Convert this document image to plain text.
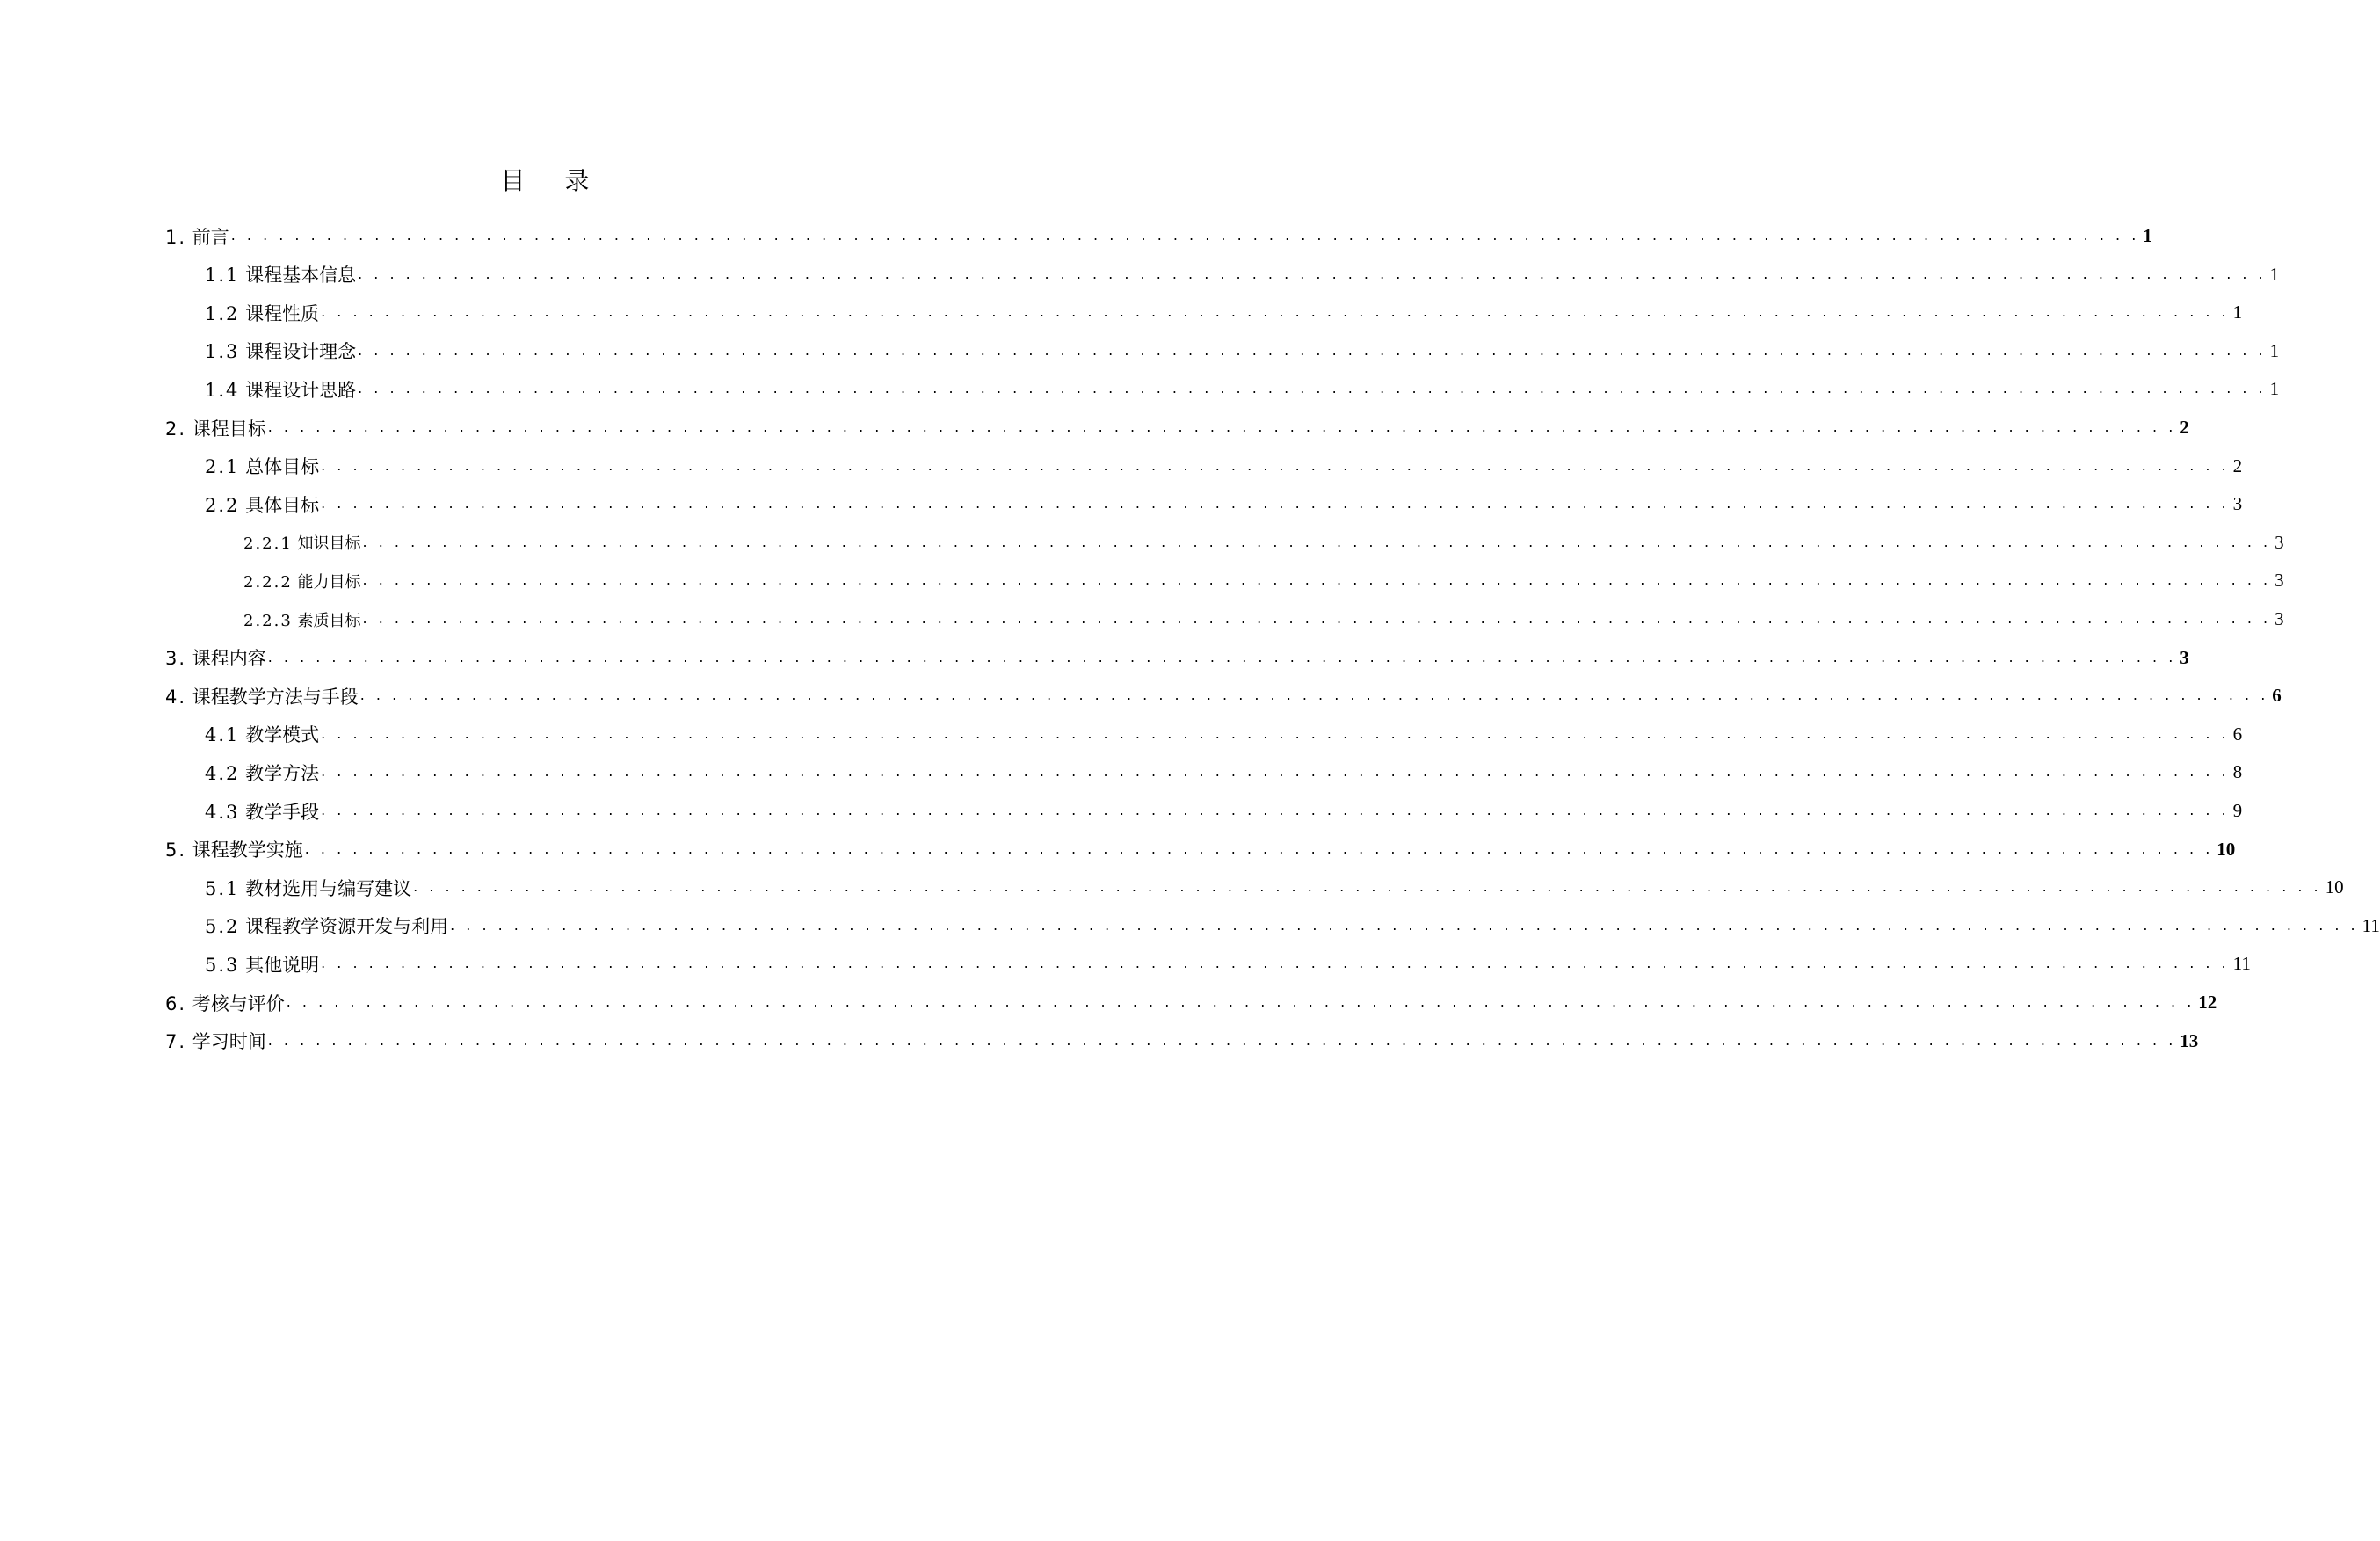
目 录
1. 前言 . . . . . . . . . . . . . . . . . . . . . . . . . . . . . . . . . . . . . . . . . . . . . . . . . . . . . . . . . . . . . . . . . . . . . . . . . . . . . . . . . . . . . . . . . . . . . . . . . . . . . . . . . . . . . . . . . . . . . . . . 1
1.1 课程基本信息 . . . . . . . . . . . . . . . . . . . . . . . . . . . . . . . . . . . . . . . . . . . . . . . . . . . . . . . . . . . . . . . . . . . . . . . . . . . . . . . . . . . . . . . . . . . . . . . . . . . . . . . . . . . . . . . . . . . . . . . . 1
1.2 课程性质 . . . . . . . . . . . . . . . . . . . . . . . . . . . . . . . . . . . . . . . . . . . . . . . . . . . . . . . . . . . . . . . . . . . . . . . . . . . . . . . . . . . . . . . . . . . . . . . . . . . . . . . . . . . . . . . . . . . . . . . . 1
1.3 课程设计理念 . . . . . . . . . . . . . . . . . . . . . . . . . . . . . . . . . . . . . . . . . . . . . . . . . . . . . . . . . . . . . . . . . . . . . . . . . . . . . . . . . . . . . . . . . . . . . . . . . . . . . . . . . . . . . . . . . . . . . . . . 1
1.4 课程设计思路 . . . . . . . . . . . . . . . . . . . . . . . . . . . . . . . . . . . . . . . . . . . . . . . . . . . . . . . . . . . . . . . . . . . . . . . . . . . . . . . . . . . . . . . . . . . . . . . . . . . . . . . . . . . . . . . . . . . . . . . . 1
2. 课程目标 . . . . . . . . . . . . . . . . . . . . . . . . . . . . . . . . . . . . . . . . . . . . . . . . . . . . . . . . . . . . . . . . . . . . . . . . . . . . . . . . . . . . . . . . . . . . . . . . . . . . . . . . . . . . . . . . . . . . . . . . 2
2.1 总体目标 . . . . . . . . . . . . . . . . . . . . . . . . . . . . . . . . . . . . . . . . . . . . . . . . . . . . . . . . . . . . . . . . . . . . . . . . . . . . . . . . . . . . . . . . . . . . . . . . . . . . . . . . . . . . . . . . . . . . . . . . 2
2.2 具体目标 . . . . . . . . . . . . . . . . . . . . . . . . . . . . . . . . . . . . . . . . . . . . . . . . . . . . . . . . . . . . . . . . . . . . . . . . . . . . . . . . . . . . . . . . . . . . . . . . . . . . . . . . . . . . . . . . . . . . . . . . 3
2.2.1 知识目标 . . . . . . . . . . . . . . . . . . . . . . . . . . . . . . . . . . . . . . . . . . . . . . . . . . . . . . . . . . . . . . . . . . . . . . . . . . . . . . . . . . . . . . . . . . . . . . . . . . . . . . . . . . . . . . . . . . . . . . . . 3
2.2.2 能力目标 . . . . . . . . . . . . . . . . . . . . . . . . . . . . . . . . . . . . . . . . . . . . . . . . . . . . . . . . . . . . . . . . . . . . . . . . . . . . . . . . . . . . . . . . . . . . . . . . . . . . . . . . . . . . . . . . . . . . . . . . 3
2.2.3 素质目标 . . . . . . . . . . . . . . . . . . . . . . . . . . . . . . . . . . . . . . . . . . . . . . . . . . . . . . . . . . . . . . . . . . . . . . . . . . . . . . . . . . . . . . . . . . . . . . . . . . . . . . . . . . . . . . . . . . . . . . . . 3
3. 课程内容 . . . . . . . . . . . . . . . . . . . . . . . . . . . . . . . . . . . . . . . . . . . . . . . . . . . . . . . . . . . . . . . . . . . . . . . . . . . . . . . . . . . . . . . . . . . . . . . . . . . . . . . . . . . . . . . . . . . . . . . . 3
4. 课程教学方法与手段 . . . . . . . . . . . . . . . . . . . . . . . . . . . . . . . . . . . . . . . . . . . . . . . . . . . . . . . . . . . . . . . . . . . . . . . . . . . . . . . . . . . . . . . . . . . . . . . . . . . . . . . . . . . . . . . . . . . . . . . . 6
4.1 教学模式 . . . . . . . . . . . . . . . . . . . . . . . . . . . . . . . . . . . . . . . . . . . . . . . . . . . . . . . . . . . . . . . . . . . . . . . . . . . . . . . . . . . . . . . . . . . . . . . . . . . . . . . . . . . . . . . . . . . . . . . . 6
4.2 教学方法 . . . . . . . . . . . . . . . . . . . . . . . . . . . . . . . . . . . . . . . . . . . . . . . . . . . . . . . . . . . . . . . . . . . . . . . . . . . . . . . . . . . . . . . . . . . . . . . . . . . . . . . . . . . . . . . . . . . . . . . . 8
4.3 教学手段 . . . . . . . . . . . . . . . . . . . . . . . . . . . . . . . . . . . . . . . . . . . . . . . . . . . . . . . . . . . . . . . . . . . . . . . . . . . . . . . . . . . . . . . . . . . . . . . . . . . . . . . . . . . . . . . . . . . . . . . . 9
5. 课程教学实施 . . . . . . . . . . . . . . . . . . . . . . . . . . . . . . . . . . . . . . . . . . . . . . . . . . . . . . . . . . . . . . . . . . . . . . . . . . . . . . . . . . . . . . . . . . . . . . . . . . . . . . . . . . . . . . . . . . . . . . . . 10
5.1 教材选用与编写建议 . . . . . . . . . . . . . . . . . . . . . . . . . . . . . . . . . . . . . . . . . . . . . . . . . . . . . . . . . . . . . . . . . . . . . . . . . . . . . . . . . . . . . . . . . . . . . . . . . . . . . . . . . . . . . . . . . . . . . . . . 10
5.2 课程教学资源开发与利用 . . . . . . . . . . . . . . . . . . . . . . . . . . . . . . . . . . . . . . . . . . . . . . . . . . . . . . . . . . . . . . . . . . . . . . . . . . . . . . . . . . . . . . . . . . . . . . . . . . . . . . . . . . . . . . . . . . . . . . . . 11
5.3 其他说明 . . . . . . . . . . . . . . . . . . . . . . . . . . . . . . . . . . . . . . . . . . . . . . . . . . . . . . . . . . . . . . . . . . . . . . . . . . . . . . . . . . . . . . . . . . . . . . . . . . . . . . . . . . . . . . . . . . . . . . . . 11
6. 考核与评价 . . . . . . . . . . . . . . . . . . . . . . . . . . . . . . . . . . . . . . . . . . . . . . . . . . . . . . . . . . . . . . . . . . . . . . . . . . . . . . . . . . . . . . . . . . . . . . . . . . . . . . . . . . . . . . . . . . . . . . . . 12
7. 学习时间 . . . . . . . . . . . . . . . . . . . . . . . . . . . . . . . . . . . . . . . . . . . . . . . . . . . . . . . . . . . . . . . . . . . . . . . . . . . . . . . . . . . . . . . . . . . . . . . . . . . . . . . . . . . . . . . . . . . . . . . . 13
